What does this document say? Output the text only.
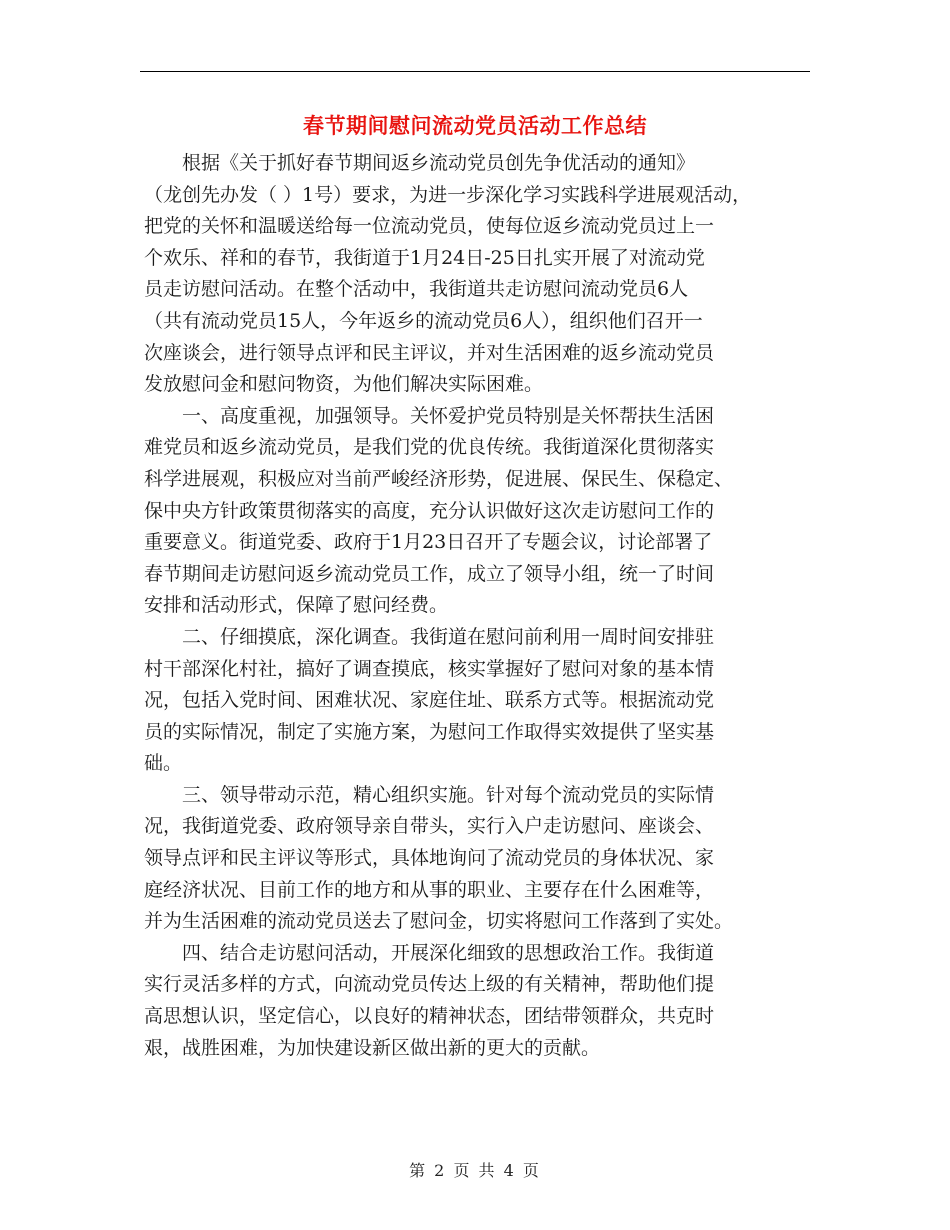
春节期间慰问流动党员活动工作总结
根据《关于抓好春节期间返乡流动党员创先争优活动的通知》
（龙创先办发（ ）1号）要求，为进一步深化学习实践科学进展观活动，
把党的关怀和温暖送给每一位流动党员，使每位返乡流动党员过上一
个欢乐、祥和的春节，我街道于1月24日-25日扎实开展了对流动党
员走访慰问活动。在整个活动中，我街道共走访慰问流动党员6人
（共有流动党员15人，今年返乡的流动党员6人），组织他们召开一
次座谈会，进行领导点评和民主评议，并对生活困难的返乡流动党员
发放慰问金和慰问物资，为他们解决实际困难。
一、高度重视，加强领导。关怀爱护党员特别是关怀帮扶生活困
难党员和返乡流动党员，是我们党的优良传统。我街道深化贯彻落实
科学进展观，积极应对当前严峻经济形势，促进展、保民生、保稳定、
保中央方针政策贯彻落实的高度，充分认识做好这次走访慰问工作的
重要意义。街道党委、政府于1月23日召开了专题会议，讨论部署了
春节期间走访慰问返乡流动党员工作，成立了领导小组，统一了时间
安排和活动形式，保障了慰问经费。
二、仔细摸底，深化调查。我街道在慰问前利用一周时间安排驻
村干部深化村社，搞好了调查摸底，核实掌握好了慰问对象的基本情
况，包括入党时间、困难状况、家庭住址、联系方式等。根据流动党
员的实际情况，制定了实施方案，为慰问工作取得实效提供了坚实基
础。
三、领导带动示范，精心组织实施。针对每个流动党员的实际情
况，我街道党委、政府领导亲自带头，实行入户走访慰问、座谈会、
领导点评和民主评议等形式，具体地询问了流动党员的身体状况、家
庭经济状况、目前工作的地方和从事的职业、主要存在什么困难等，
并为生活困难的流动党员送去了慰问金，切实将慰问工作落到了实处。
四、结合走访慰问活动，开展深化细致的思想政治工作。我街道
实行灵活多样的方式，向流动党员传达上级的有关精神，帮助他们提
高思想认识，坚定信心，以良好的精神状态，团结带领群众，共克时
艰，战胜困难，为加快建设新区做出新的更大的贡献。
第 2 页 共 4 页
